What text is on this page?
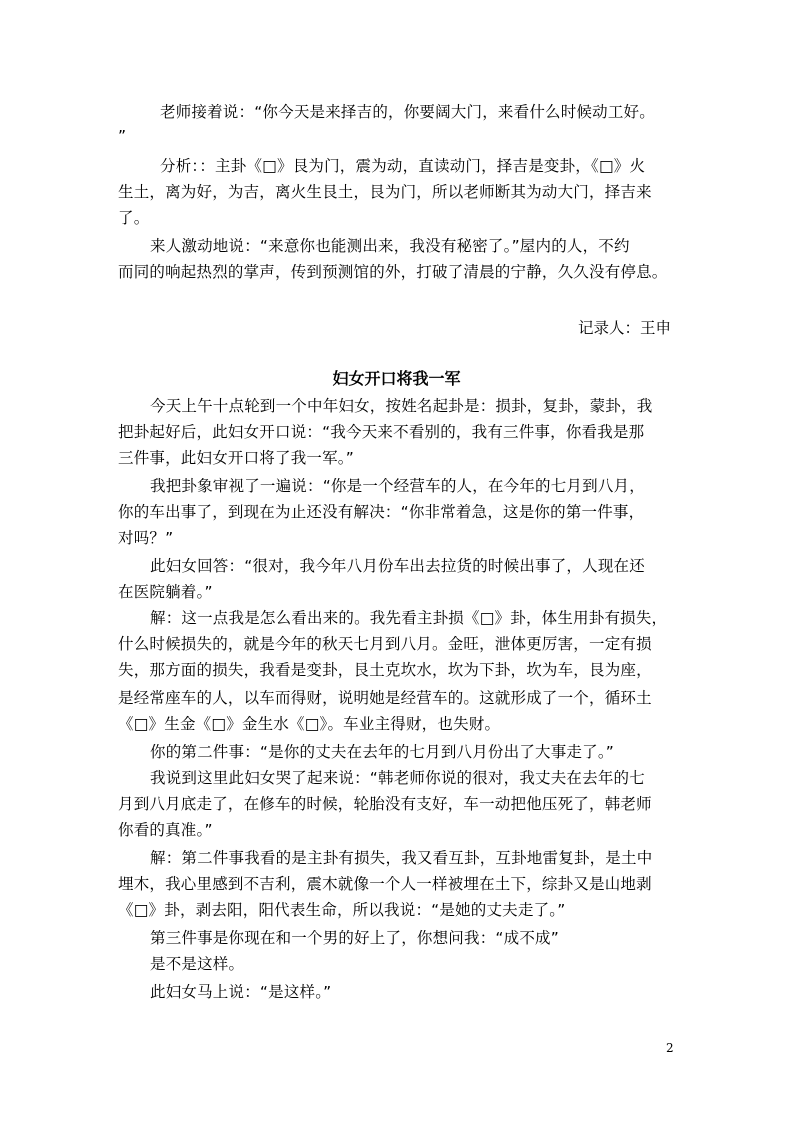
老师接着说：“你今天是来择吉的，你要阔大门，来看什么时候动工好。
”
分析：：主卦《□》艮为门，震为动，直读动门，择吉是变卦，《□》火
生土，离为好，为吉，离火生艮土，艮为门，所以老师断其为动大门，择吉来
了。
来人激动地说：“来意你也能测出来，我没有秘密了。”屋内的人，不约
而同的响起热烈的掌声，传到预测馆的外，打破了清晨的宁静，久久没有停息。
记录人：王申
妇女开口将我一军
今天上午十点轮到一个中年妇女，按姓名起卦是：损卦，复卦，蒙卦，我
把卦起好后，此妇女开口说：“我今天来不看别的，我有三件事，你看我是那
三件事，此妇女开口将了我一军。”
我把卦象审视了一遍说：“你是一个经营车的人，在今年的七月到八月，
你的车出事了，到现在为止还没有解决：“你非常着急，这是你的第一件事，
对吗？”
此妇女回答：“很对，我今年八月份车出去拉货的时候出事了，人现在还
在医院躺着。”
解：这一点我是怎么看出来的。我先看主卦损《□》卦，体生用卦有损失，
什么时候损失的，就是今年的秋天七月到八月。金旺，泄体更厉害，一定有损
失，那方面的损失，我看是变卦，艮土克坎水，坎为下卦，坎为车，艮为座，
是经常座车的人，以车而得财，说明她是经营车的。这就形成了一个，循环土
《□》生金《□》金生水《□》。车业主得财，也失财。
你的第二件事：“是你的丈夫在去年的七月到八月份出了大事走了。”
我说到这里此妇女哭了起来说：“韩老师你说的很对，我丈夫在去年的七
月到八月底走了，在修车的时候，轮胎没有支好，车一动把他压死了，韩老师
你看的真准。”
解：第二件事我看的是主卦有损失，我又看互卦，互卦地雷复卦，是土中
埋木，我心里感到不吉利，震木就像一个人一样被埋在土下，综卦又是山地剥
《□》卦，剥去阳，阳代表生命，所以我说：“是她的丈夫走了。”
第三件事是你现在和一个男的好上了，你想问我：“成不成”
是不是这样。
此妇女马上说：“是这样。”
2
